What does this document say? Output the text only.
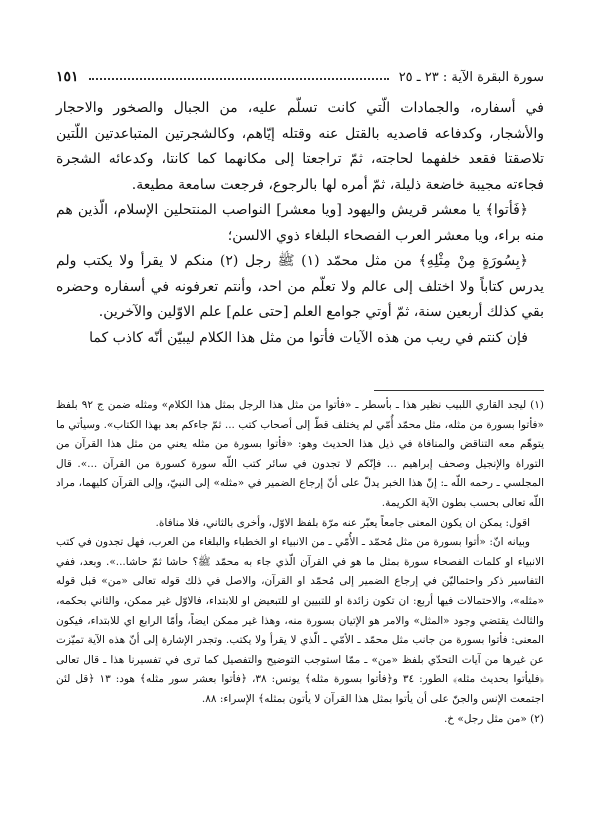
سورة البقرة الآية : ٢٣ ـ ٢٥
١٥١

في أسفاره، والجمادات الّتي كانت تسلّم عليه، من الجبال والصخور والاحجار والأشجار، وكدفاعه قاصديه بالقتل عنه وقتله إيّاهم، وكالشجرتين المتباعدتين اللّتين تلاصقتا فقعد خلفهما لحاجته، ثمّ تراجعتا إلى مكانهما كما كانتا، وكدعائه الشجرة فجاءته مجيبة خاضعة ذليلة، ثمّ أمره لها بالرجوع، فرجعت سامعة مطيعة.

﴿فَأتوا﴾ يا معشر قريش واليهود [ويا معشر] النواصب المنتحلين الإسلام، الّذين هم منه براء، ويا معشر العرب الفصحاء البلغاء ذوي الالسن؛

﴿بِسُورَةٍ مِنْ مِثْلِهِ﴾ من مثل محمّد (١) ﷺ رجل (٢) منكم لا يقرأ ولا يكتب ولم يدرس كتاباً ولا اختلف إلى عالم ولا تعلّم من احد، وأنتم تعرفونه في أسفاره وحضره بقي كذلك أربعين سنة، ثمّ أوتي جوامع العلم [حتى علم] علم الاوّلين والآخرين.

فإن كنتم في ريب من هذه الآيات فأتوا من مثل هذا الكلام ليبيّن أنّه كاذب كما

(١) ليجد القاري اللبيب نظير هذا ـ بأسطر ـ «فأتوا من مثل هذا الرجل بمثل هذا الكلام» ومثله ضمن ج ٩٢ بلفظ «فأتوا بسورة من مثله، مثل محمّد أُمّي لم يختلف قطّ إلى أصحاب كتب ... ثمّ جاءكم بعد بهذا الكتاب». وسيأتي ما يتوهّم معه التناقض والمنافاة في ذيل هذا الحديث وهو: «فأتوا بسورة من مثله يعني من مثل هذا القرآن من التوراة والإنجيل وصحف إبراهيم ... فإنّكم لا تجدون في سائر كتب اللّه سورة كسورة من القرآن ...». قال المجلسي ـ رحمه اللّه ـ: إنّ هذا الخبر يدلّ على أنّ إرجاع الضمير في «مثله» إلى النبيّ، وإلى القرآن كليهما، مراد اللّه تعالى بحسب بطون الآية الكريمة.

اقول: يمكن ان يكون المعنى جامعاً يعبّر عنه مرّة بلفظ الاوّل، وأخرى بالثاني، فلا منافاة.

وبيانه انّ: «أتوا بسورة من مثل مُحمّد ـ الأُمّي ـ من الانبياء او الخطباء والبلغاء من العرب، فهل تجدون في كتب الانبياء او كلمات الفصحاء سورة بمثل ما هو في القرآن الّذي جاء به محمّد ﷺ؟ حاشا ثمّ حاشا...». وبعد، ففي التفاسير ذكر واحتماليّن في إرجاع الضمير إلى مُحمّد او القرآن، والاصل في ذلك قوله تعالى «من» قبل قوله «مثله»، والاحتمالات فيها أربع: ان تكون زائدة او للتبيين او للتبعيض او للابتداء، فالاوّل غير ممكن، والثاني بحكمه، والثالث يقتضي وجود «المثل» والامر هو الإتيان بسورة منه، وهذا غير ممكن ايضاً، وأمّا الرابع اي للابتداء، فيكون المعنى: فأتوا بسورة من جانب مثل محمّد ـ الأمّي ـ الّذي لا يقرأ ولا يكتب. وتجدر الإشارة إلى أنّ هذه الآية تميّزت عن غيرها من آيات التحدّي بلفظ «من» ـ ممّا استوجب التوضيح والتفصيل كما ترى في تفسيرنا هذا ـ قال تعالى ﴿فليأتوا بحديث مثله﴾ الطور: ٣٤ و﴿فأتوا بسورة مثله﴾ يونس: ٣٨، ﴿فأتوا بعشر سور مثله﴾ هود: ١٣ ﴿قل لئن اجتمعت الإنس والجنّ على أن يأتوا بمثل هذا القرآن لا يأتون بمثله﴾ الإسراء: ٨٨.

(٢) «من مثل رجل» خ.
